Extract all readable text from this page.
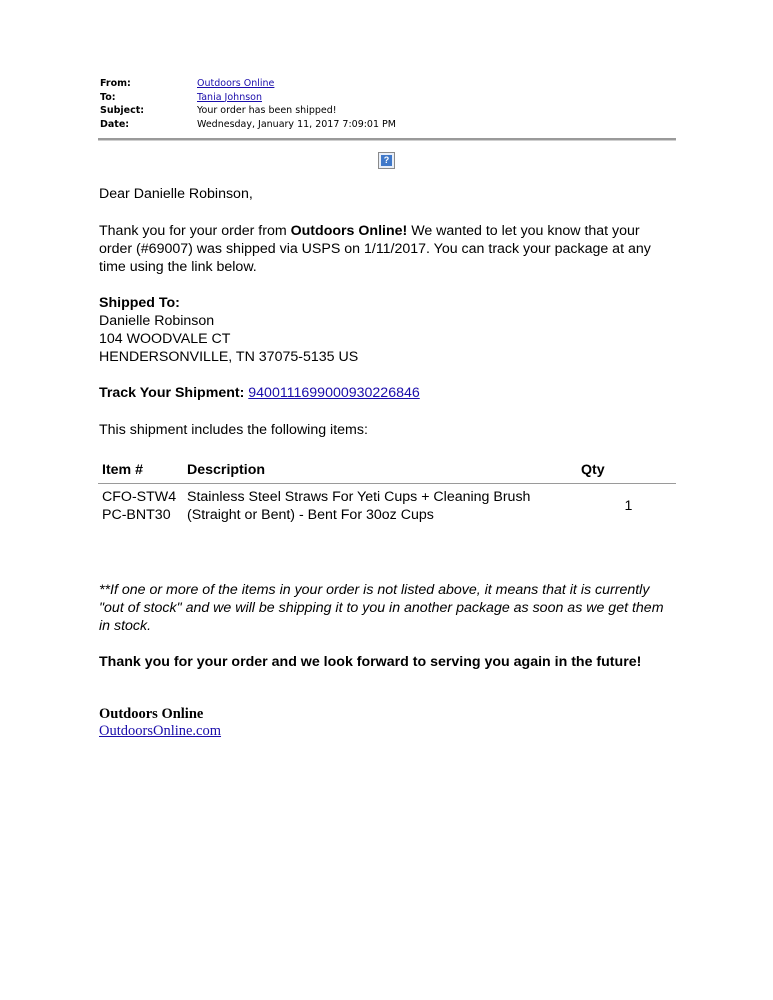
From:	Outdoors Online
To:	Tania Johnson
Subject:	Your order has been shipped!
Date:	Wednesday, January 11, 2017 7:09:01 PM
?
Dear Danielle Robinson,
Thank you for your order from Outdoors Online! We wanted to let you know that your order (#69007) was shipped via USPS on 1/11/2017. You can track your package at any time using the link below.
Shipped To:
Danielle Robinson
104 WOODVALE CT
HENDERSONVILLE, TN 37075-5135 US
Track Your Shipment: 9400111699000930226846
This shipment includes the following items:
Item #	Description	Qty
CFO-STW4PC-BNT30	Stainless Steel Straws For Yeti Cups + Cleaning Brush (Straight or Bent) - Bent For 30oz Cups	1
**If one or more of the items in your order is not listed above, it means that it is currently "out of stock" and we will be shipping it to you in another package as soon as we get them in stock.
Thank you for your order and we look forward to serving you again in the future!
Outdoors Online
OutdoorsOnline.com
